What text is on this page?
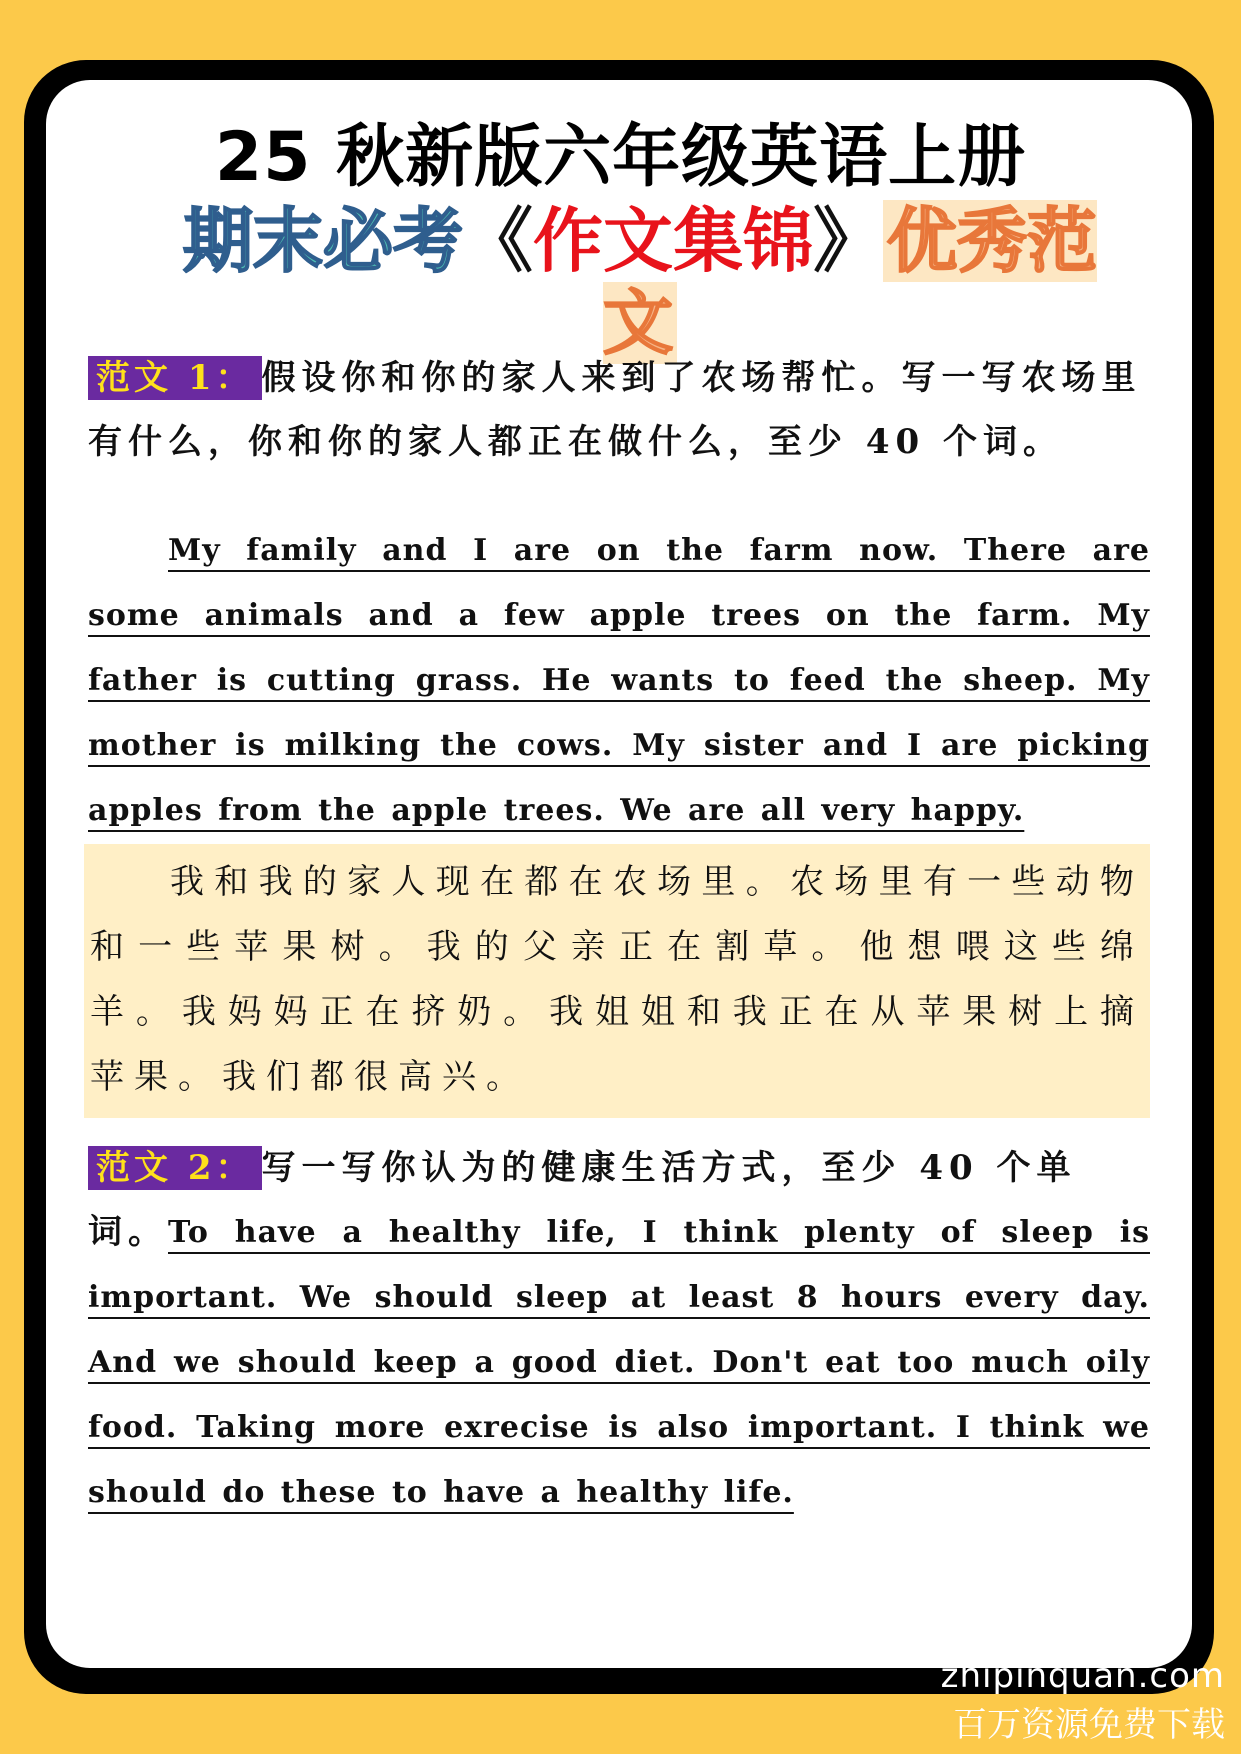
25 秋新版六年级英语上册
期末必考《作文集锦》优秀范文
范文 1： 假设你和你的家人来到了农场帮忙。写一写农场里有什么，你和你的家人都正在做什么，至少 40 个词。
My family and I are on the farm now. There are some animals and a few apple trees on the farm. My father is cutting grass. He wants to feed the sheep. My mother is milking the cows. My sister and I are picking apples from the apple trees. We are all very happy.
我和我的家人现在都在农场里。农场里有一些动物和一些苹果树。我的父亲正在割草。他想喂这些绵羊。我妈妈正在挤奶。我姐姐和我正在从苹果树上摘苹果。我们都很高兴。
范文 2： 写一写你认为的健康生活方式，至少 40 个单词。 To have a healthy life, I think plenty of sleep is important. We should sleep at least 8 hours every day. And we should keep a good diet. Don't eat too much oily food. Taking more exrecise is also important. I think we should do these to have a healthy life.
zhipinquan.com
百万资源免费下载
